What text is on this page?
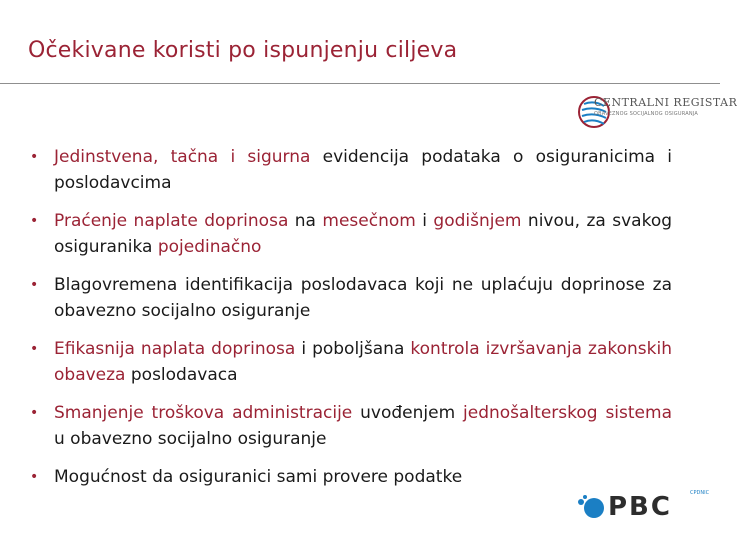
Očekivane koristi po ispunjenju ciljeva
CENTRALNI REGISTAR
OBAVEZNOG SOCIJALNOG OSIGURANJA
• Jedinstvena, tačna i sigurna evidencija podataka o osiguranicima i poslodavcima
• Praćenje naplate doprinosa na mesečnom i godišnjem nivou, za svakog osiguranika pojedinačno
• Blagovremena identifikacija poslodavaca koji ne uplaćuju doprinose za obavezno socijalno osiguranje
• Efikasnija naplata doprinosa i poboljšana kontrola izvršavanja zakonskih obaveza poslodavaca
• Smanjenje troškova administracije uvođenjem jednošalterskog sistema u obavezno socijalno osiguranje
• Mogućnost da osiguranici sami provere podatke
PBC	CPDNIC
